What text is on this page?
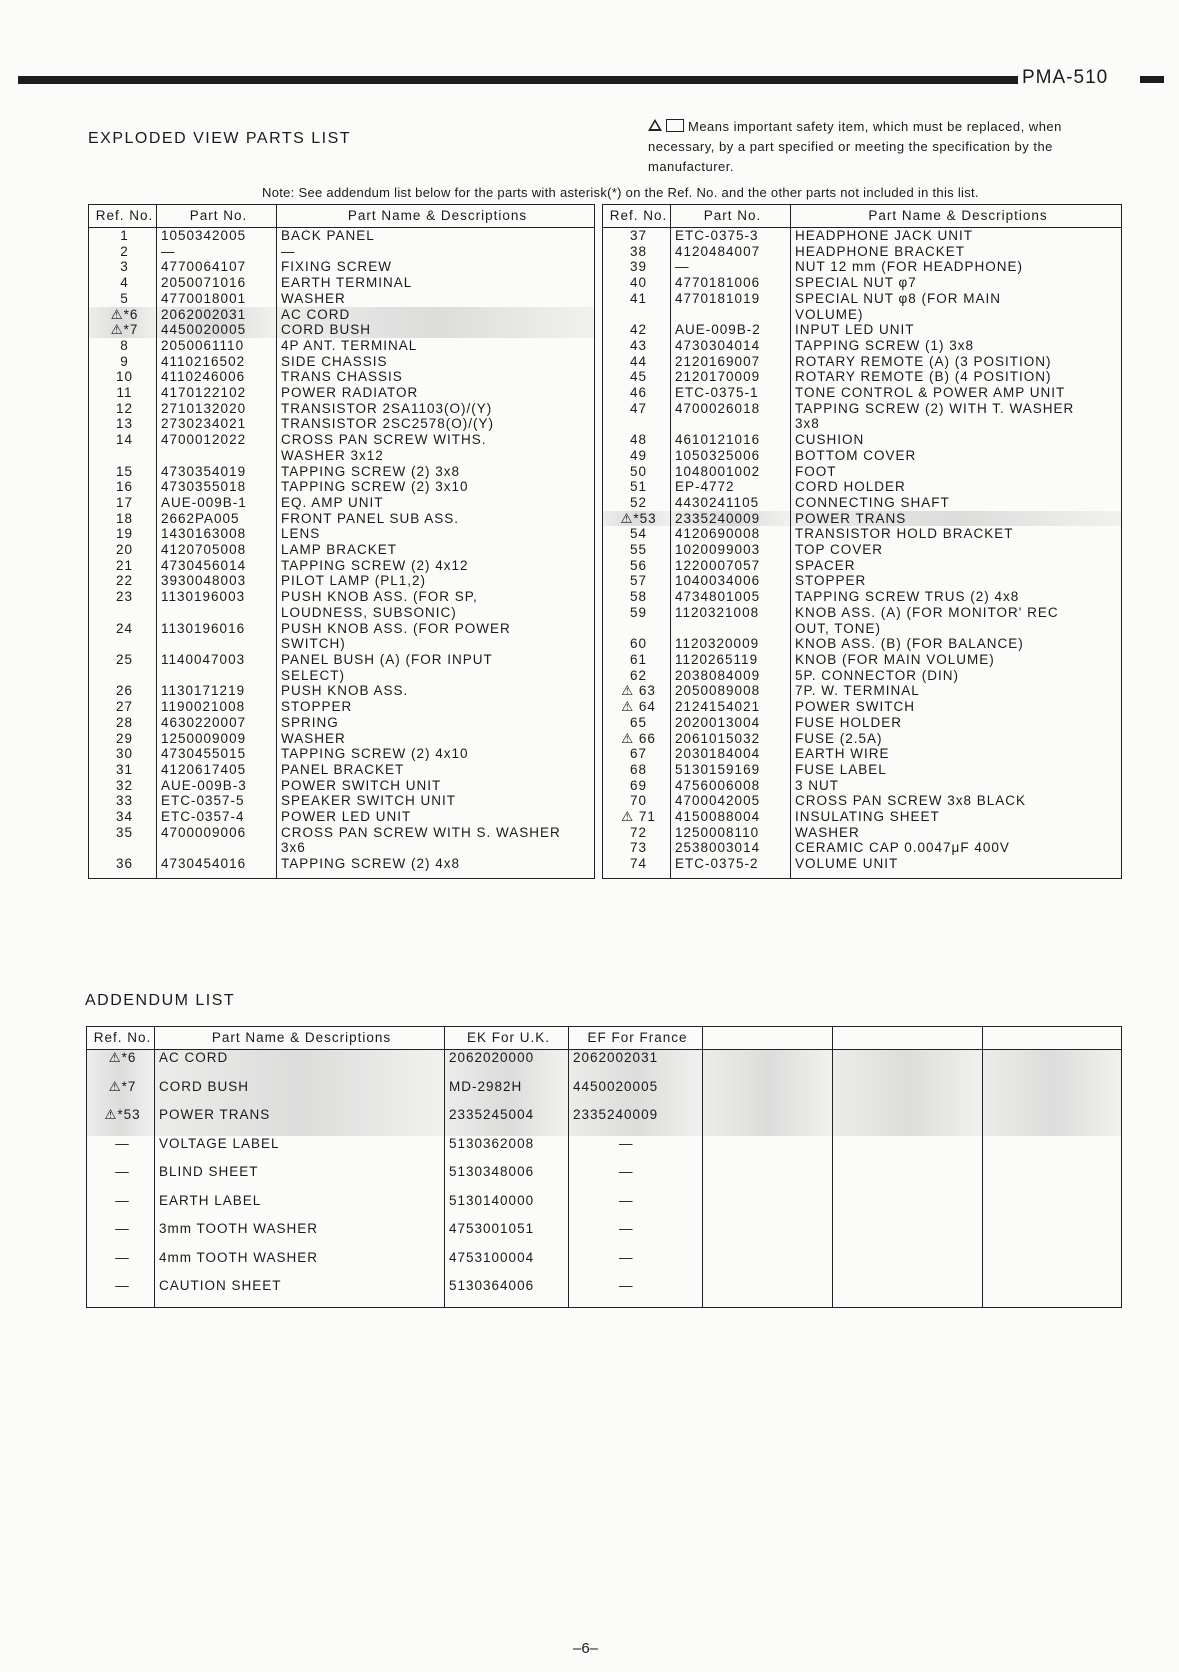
PMA-510
EXPLODED VIEW PARTS LIST
Means important safety item, which must be replaced, when necessary, by a part specified or meeting the specification by the manufacturer.
Note: See addendum list below for the parts with asterisk(*) on the Ref. No. and the other parts not included in this list.
Ref. No.	Part No.	Part Name & Descriptions
1	1050342005	BACK PANEL

2	—	—

3	4770064107	FIXING SCREW

4	2050071016	EARTH TERMINAL

5	4770018001	WASHER

⚠*6	2062002031	AC CORD

⚠*7	4450020005	CORD BUSH

8	2050061110	4P ANT. TERMINAL

9	4110216502	SIDE CHASSIS

10	4110246006	TRANS CHASSIS

11	4170122102	POWER RADIATOR

12	2710132020	TRANSISTOR 2SA1103(O)/(Y)

13	2730234021	TRANSISTOR 2SC2578(O)/(Y)

14	4700012022	CROSS PAN SCREW WITHS.
WASHER 3x12

15	4730354019	TAPPING SCREW (2) 3x8

16	4730355018	TAPPING SCREW (2) 3x10

17	AUE-009B-1	EQ. AMP UNIT

18	2662PA005	FRONT PANEL SUB ASS.

19	1430163008	LENS

20	4120705008	LAMP BRACKET

21	4730456014	TAPPING SCREW (2) 4x12

22	3930048003	PILOT LAMP (PL1,2)

23	1130196003	PUSH KNOB ASS. (FOR SP,
LOUDNESS, SUBSONIC)

24	1130196016	PUSH KNOB ASS. (FOR POWER
SWITCH)

25	1140047003	PANEL BUSH (A) (FOR INPUT
SELECT)

26	1130171219	PUSH KNOB ASS.

27	1190021008	STOPPER

28	4630220007	SPRING

29	1250009009	WASHER

30	4730455015	TAPPING SCREW (2) 4x10

31	4120617405	PANEL BRACKET

32	AUE-009B-3	POWER SWITCH UNIT

33	ETC-0357-5	SPEAKER SWITCH UNIT

34	ETC-0357-4	POWER LED UNIT

35	4700009006	CROSS PAN SCREW WITH S. WASHER
3x6

36	4730454016	TAPPING SCREW (2) 4x8

Ref. No.	Part No.	Part Name & Descriptions
37	ETC-0375-3	HEADPHONE JACK UNIT

38	4120484007	HEADPHONE BRACKET

39	—	NUT 12 mm (FOR HEADPHONE)

40	4770181006	SPECIAL NUT φ7

41	4770181019	SPECIAL NUT φ8 (FOR MAIN
VOLUME)

42	AUE-009B-2	INPUT LED UNIT

43	4730304014	TAPPING SCREW (1) 3x8

44	2120169007	ROTARY REMOTE (A) (3 POSITION)

45	2120170009	ROTARY REMOTE (B) (4 POSITION)

46	ETC-0375-1	TONE CONTROL & POWER AMP UNIT

47	4700026018	TAPPING SCREW (2) WITH T. WASHER
3x8

48	4610121016	CUSHION

49	1050325006	BOTTOM COVER

50	1048001002	FOOT

51	EP-4772	CORD HOLDER

52	4430241105	CONNECTING SHAFT

⚠*53	2335240009	POWER TRANS

54	4120690008	TRANSISTOR HOLD BRACKET

55	1020099003	TOP COVER

56	1220007057	SPACER

57	1040034006	STOPPER

58	4734801005	TAPPING SCREW TRUS (2) 4x8

59	1120321008	KNOB ASS. (A) (FOR MONITOR' REC
OUT, TONE)

60	1120320009	KNOB ASS. (B) (FOR BALANCE)

61	1120265119	KNOB (FOR MAIN VOLUME)

62	2038084009	5P. CONNECTOR (DIN)

⚠ 63	2050089008	7P. W. TERMINAL

⚠ 64	2124154021	POWER SWITCH

65	2020013004	FUSE HOLDER

⚠ 66	2061015032	FUSE (2.5A)

67	2030184004	EARTH WIRE

68	5130159169	FUSE LABEL

69	4756006008	3 NUT

70	4700042005	CROSS PAN SCREW 3x8 BLACK

⚠ 71	4150088004	INSULATING SHEET

72	1250008110	WASHER

73	2538003014	CERAMIC CAP 0.0047μF 400V

74	ETC-0375-2	VOLUME UNIT

ADDENDUM LIST
Ref. No.	Part Name & Descriptions	EK For U.K.	EF For France			
⚠*6	AC CORD	2062020000	2062002031			
⚠*7	CORD BUSH	MD-2982H	4450020005			
⚠*53	POWER TRANS	2335245004	2335240009			
—	VOLTAGE LABEL	5130362008	—			
—	BLIND SHEET	5130348006	—			
—	EARTH LABEL	5130140000	—			
—	3mm TOOTH WASHER	4753001051	—			
—	4mm TOOTH WASHER	4753100004	—			
—	CAUTION SHEET	5130364006	—			

–6–
